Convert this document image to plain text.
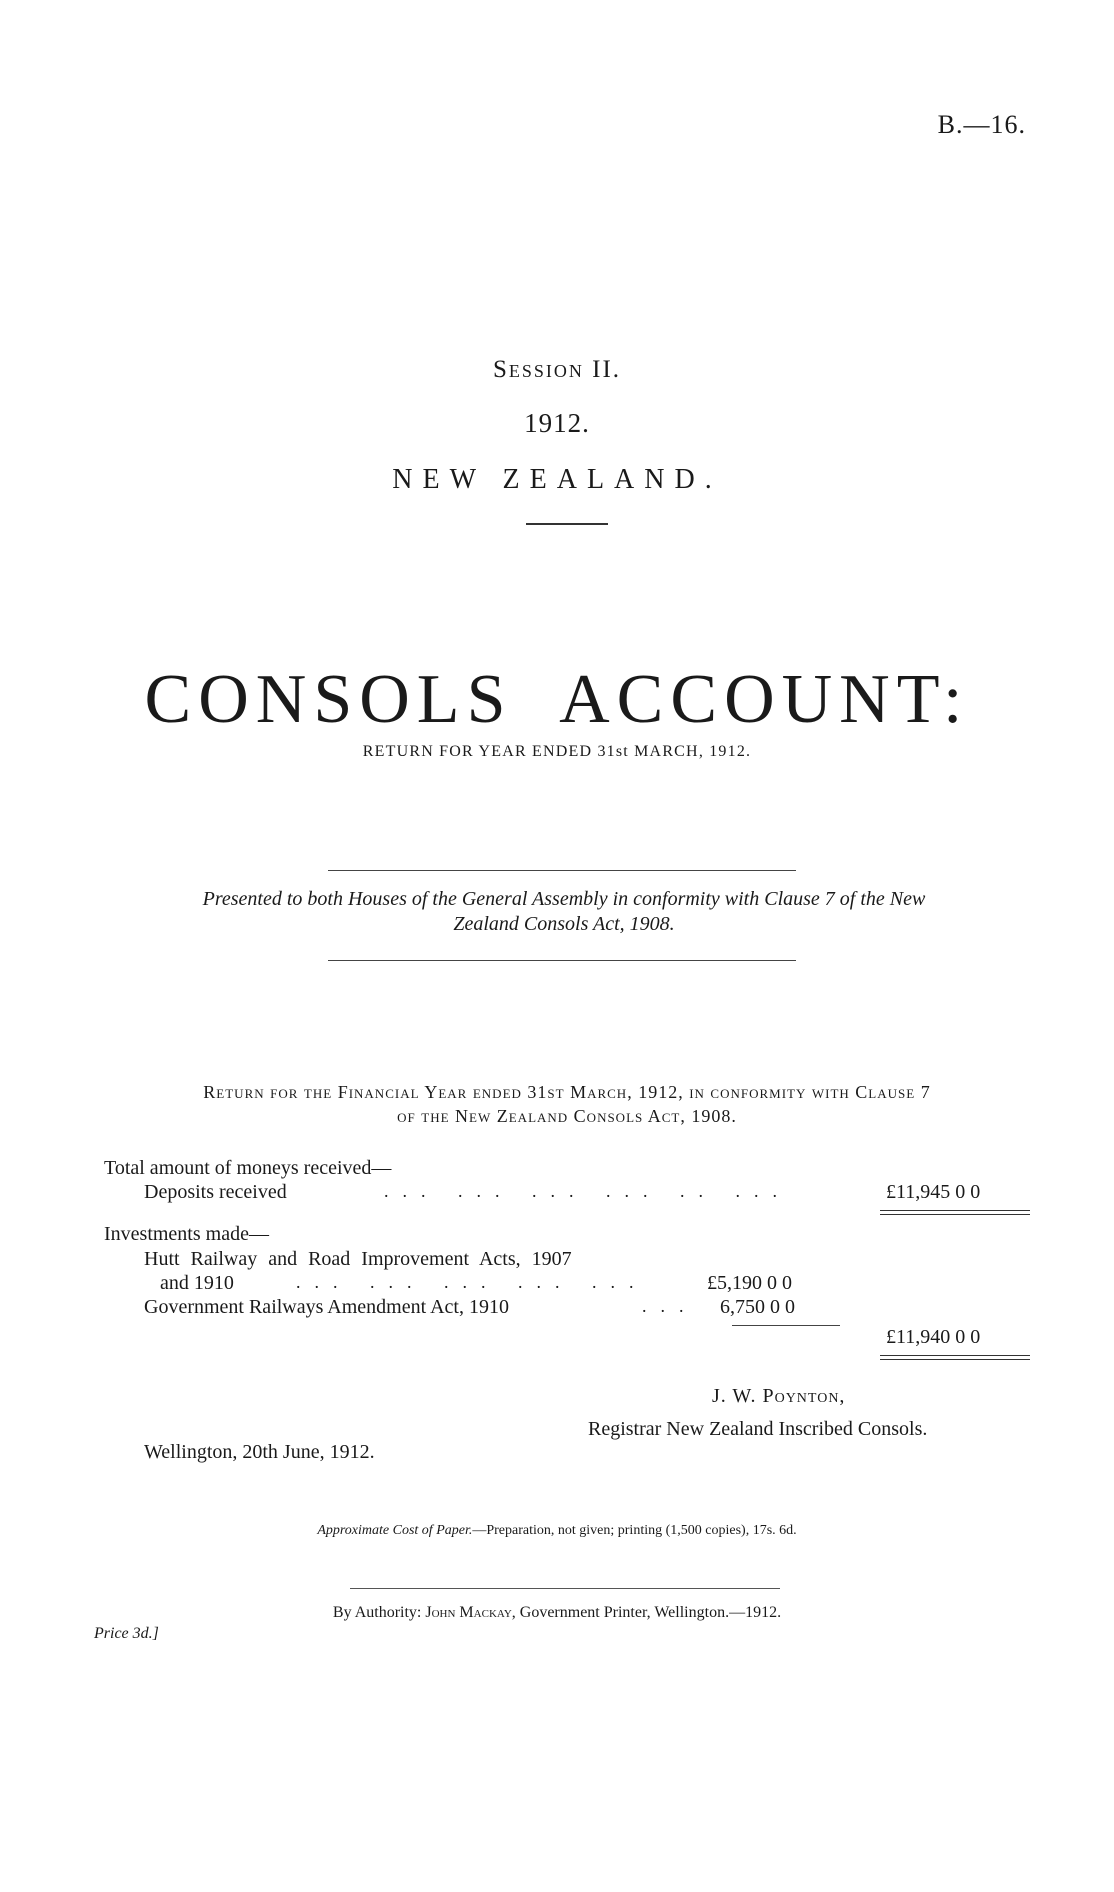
B.—16.
Session II.
1912.
NEW ZEALAND.
CONSOLS ACCOUNT:
RETURN FOR YEAR ENDED 31st MARCH, 1912.
Presented to both Houses of the General Assembly in conformity with Clause 7 of the New
Zealand Consols Act, 1908.
Return for the Financial Year ended 31st March, 1912, in conformity with Clause 7
of the New Zealand Consols Act, 1908.
Total amount of moneys received—
Deposits received	... ... ... ... .. ...	£11,945 0 0
Investments made—
Hutt Railway and Road Improvement Acts, 1907
and 1910	... ... ... ... ...	£5,190 0 0
Government Railways Amendment Act, 1910	... 6,750 0 0
£11,940 0 0
J. W. Poynton,
Registrar New Zealand Inscribed Consols.
Wellington, 20th June, 1912.
Approximate Cost of Paper.—Preparation, not given; printing (1,500 copies), 17s. 6d.
By Authority: John Mackay, Government Printer, Wellington.—1912.
Price 3d.]
